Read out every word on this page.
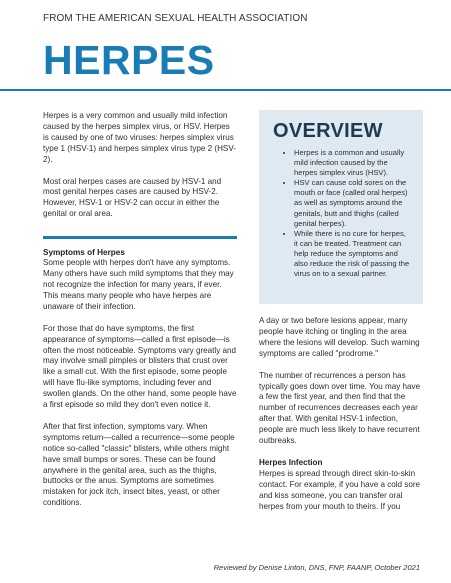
FROM THE AMERICAN SEXUAL HEALTH ASSOCIATION
HERPES

Herpes is a very common and usually mild infection caused by the herpes simplex virus, or HSV. Herpes is caused by one of two viruses: herpes simplex virus type 1 (HSV-1) and herpes simplex virus type 2 (HSV-2).

Most oral herpes cases are caused by HSV-1 and most genital herpes cases are caused by HSV-2. However, HSV-1 or HSV-2 can occur in either the genital or oral area.

Symptoms of Herpes

Some people with herpes don't have any symptoms. Many others have such mild symptoms that they may not recognize the infection for many years, if ever. This means many people who have herpes are unaware of their infection.

For those that do have symptoms, the first appearance of symptoms—called a first episode—is often the most noticeable. Symptoms vary greatly and may involve small pimples or blisters that crust over like a small cut. With the first episode, some people will have flu-like symptoms, including fever and swollen glands. On the other hand, some people have a first episode so mild they don't even notice it.

After that first infection, symptoms vary. When symptoms return—called a recurrence—some people notice so-called "classic" blisters, while others might have small bumps or sores. These can be found anywhere in the genital area, such as the thighs, buttocks or the anus. Symptoms are sometimes mistaken for jock itch, insect bites, yeast, or other conditions.

OVERVIEW
• Herpes is a common and usually mild infection caused by the herpes simplex virus (HSV).
• HSV can cause cold sores on the mouth or face (called oral herpes) as well as symptoms around the genitals, butt and thighs (called genital herpes).
• While there is no cure for herpes, it can be treated. Treatment can help reduce the symptoms and also reduce the risk of passing the virus on to a sexual partner.

A day or two before lesions appear, many people have itching or tingling in the area where the lesions will develop. Such warning symptoms are called "prodrome."

The number of recurrences a person has typically goes down over time. You may have a few the first year, and then find that the number of recurrences decreases each year after that. With genital HSV-1 infection, people are much less likely to have recurrent outbreaks.

Herpes Infection

Herpes is spread through direct skin-to-skin contact. For example, if you have a cold sore and kiss someone, you can transfer oral herpes from your mouth to theirs. If you

Reviewed by Denise Linton, DNS, FNP, FAANP, October 2021
